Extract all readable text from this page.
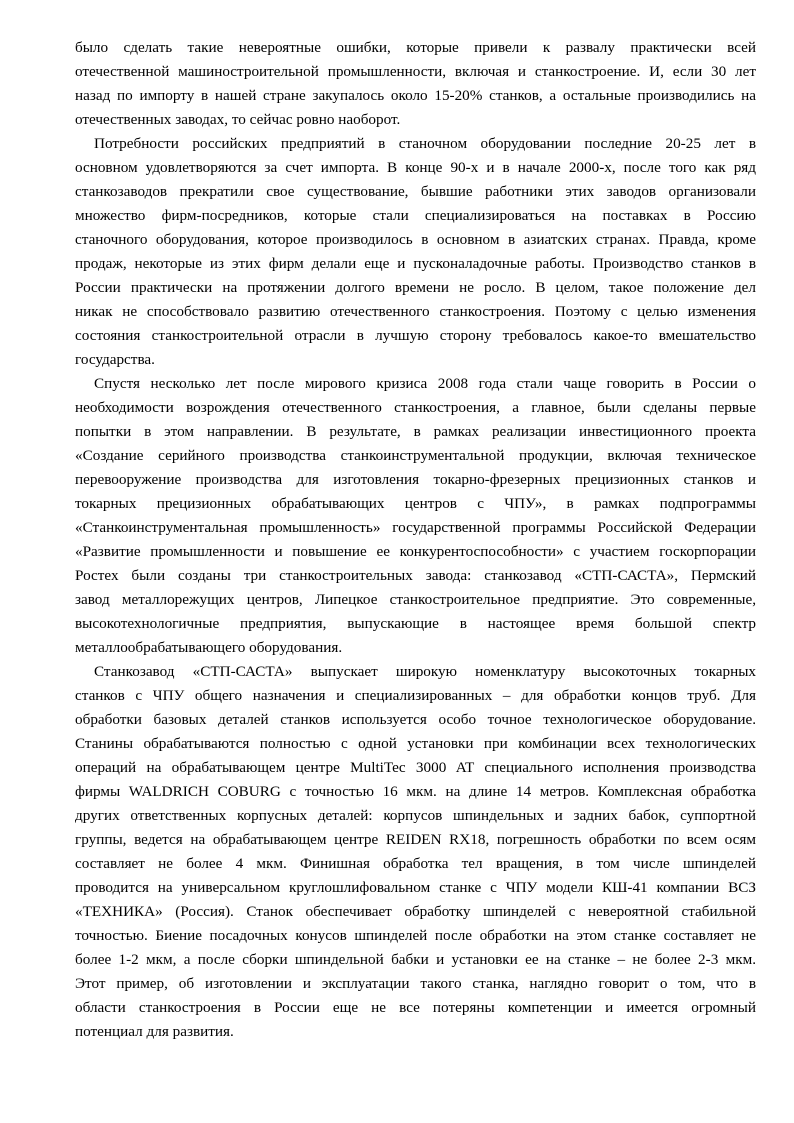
было сделать такие невероятные ошибки, которые привели к развалу практически всей
отечественной машиностроительной промышленности, включая и станкостроение. И, если 30 лет
назад по импорту в нашей стране закупалось около 15-20% станков, а остальные производились на
отечественных заводах, то сейчас ровно наоборот.
Потребности российских предприятий в станочном оборудовании последние 20-25 лет в
основном удовлетворяются за счет импорта. В конце 90-х и в начале 2000-х, после того как ряд
станкозаводов прекратили свое существование, бывшие работники этих заводов организовали
множество фирм-посредников, которые стали специализироваться на поставках в Россию
станочного оборудования, которое производилось в основном в азиатских странах. Правда, кроме
продаж, некоторые из этих фирм делали еще и пусконаладочные работы. Производство станков в
России практически на протяжении долгого времени не росло. В целом, такое положение дел
никак не способствовало развитию отечественного станкостроения. Поэтому с целью изменения
состояния станкостроительной отрасли в лучшую сторону требовалось какое-то вмешательство
государства.
Спустя несколько лет после мирового кризиса 2008 года стали чаще говорить в России о
необходимости возрождения отечественного станкостроения, а главное, были сделаны первые
попытки в этом направлении. В результате, в рамках реализации инвестиционного проекта
«Создание серийного производства станкоинструментальной продукции, включая техническое
перевооружение производства для изготовления токарно-фрезерных прецизионных станков и
токарных прецизионных обрабатывающих центров с ЧПУ», в рамках подпрограммы
«Станкоинструментальная промышленность» государственной программы Российской Федерации
«Развитие промышленности и повышение ее конкурентоспособности» с участием госкорпорации
Ростех были созданы три станкостроительных завода: станкозавод «СТП-САСТА», Пермский
завод металлорежущих центров, Липецкое станкостроительное предприятие. Это современные,
высокотехнологичные предприятия, выпускающие в настоящее время большой спектр
металлообрабатывающего оборудования.
Станкозавод «СТП-САСТА» выпускает широкую номенклатуру высокоточных токарных
станков с ЧПУ общего назначения и специализированных – для обработки концов труб. Для
обработки базовых деталей станков используется особо точное технологическое оборудование.
Станины обрабатываются полностью с одной установки при комбинации всех технологических
операций на обрабатывающем центре MultiTec 3000 AT специального исполнения производства
фирмы WALDRICH COBURG с точностью 16 мкм. на длине 14 метров. Комплексная обработка
других ответственных корпусных деталей: корпусов шпиндельных и задних бабок, суппортной
группы, ведется на обрабатывающем центре REIDEN RX18, погрешность обработки по всем осям
составляет не более 4 мкм. Финишная обработка тел вращения, в том числе шпинделей
проводится на универсальном круглошлифовальном станке с ЧПУ модели КШ-41 компании ВСЗ
«ТЕХНИКА» (Россия). Станок обеспечивает обработку шпинделей с невероятной стабильной
точностью. Биение посадочных конусов шпинделей после обработки на этом станке составляет не
более 1-2 мкм, а после сборки шпиндельной бабки и установки ее на станке – не более 2-3 мкм.
Этот пример, об изготовлении и эксплуатации такого станка, наглядно говорит о том, что в
области станкостроения в России еще не все потеряны компетенции и имеется огромный
потенциал для развития.
